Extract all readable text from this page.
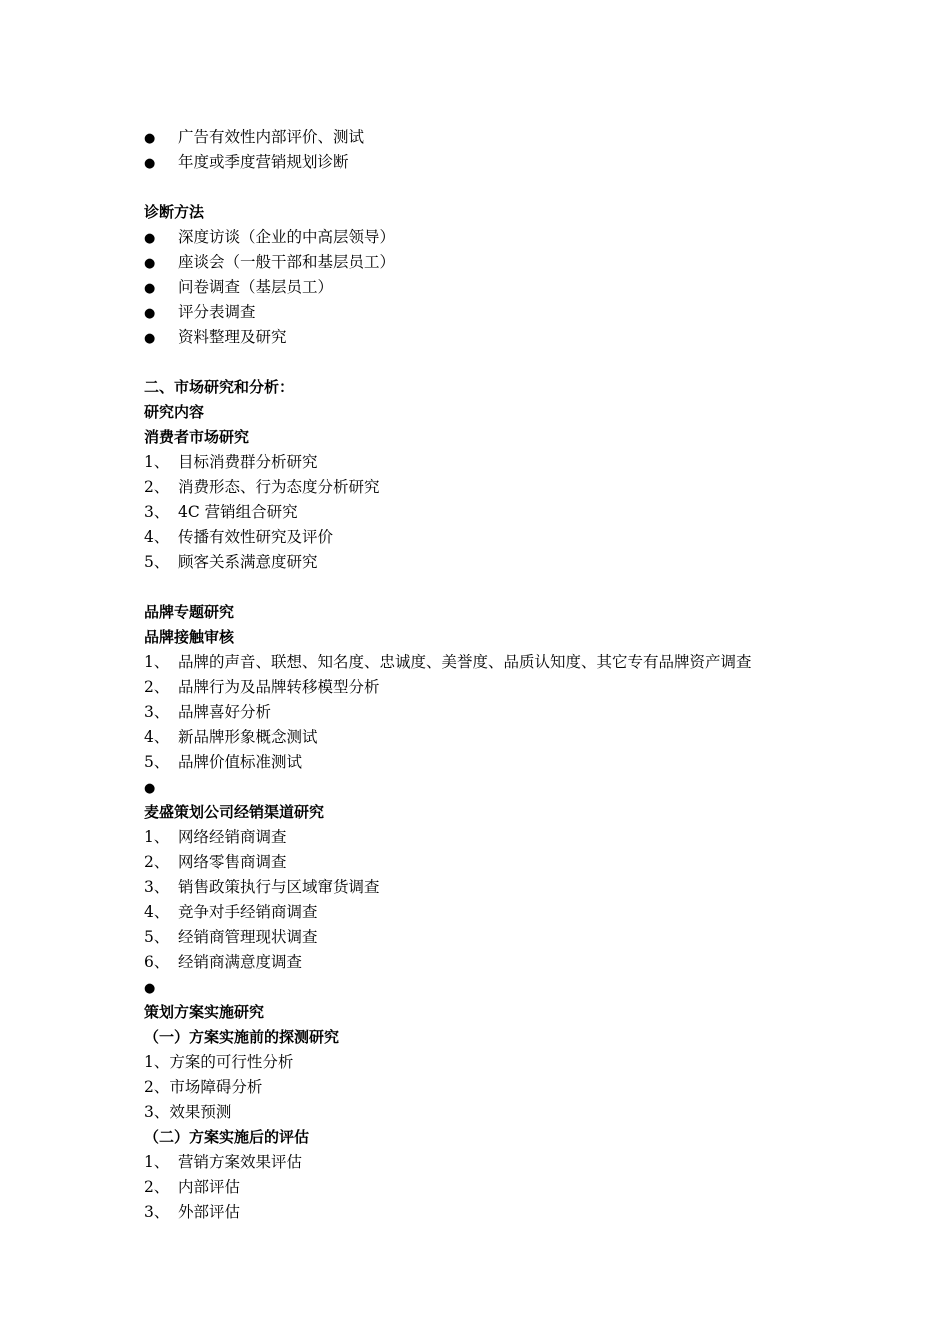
● 广告有效性内部评价、测试
● 年度或季度营销规划诊断
诊断方法
● 深度访谈（企业的中高层领导）
● 座谈会（一般干部和基层员工）
● 问卷调查（基层员工）
● 评分表调查
● 资料整理及研究
二、市场研究和分析：
研究内容
消费者市场研究
1、 目标消费群分析研究
2、 消费形态、行为态度分析研究
3、 4C 营销组合研究
4、 传播有效性研究及评价
5、 顾客关系满意度研究
品牌专题研究
品牌接触审核
1、 品牌的声音、联想、知名度、忠诚度、美誉度、品质认知度、其它专有品牌资产调查
2、 品牌行为及品牌转移模型分析
3、 品牌喜好分析
4、 新品牌形象概念测试
5、 品牌价值标准测试
●
麦盛策划公司经销渠道研究
1、 网络经销商调查
2、 网络零售商调查
3、 销售政策执行与区域窜货调查
4、 竞争对手经销商调查
5、 经销商管理现状调查
6、 经销商满意度调查
●
策划方案实施研究
（一）方案实施前的探测研究
1、方案的可行性分析
2、市场障碍分析
3、效果预测
（二）方案实施后的评估
1、 营销方案效果评估
2、 内部评估
3、 外部评估
